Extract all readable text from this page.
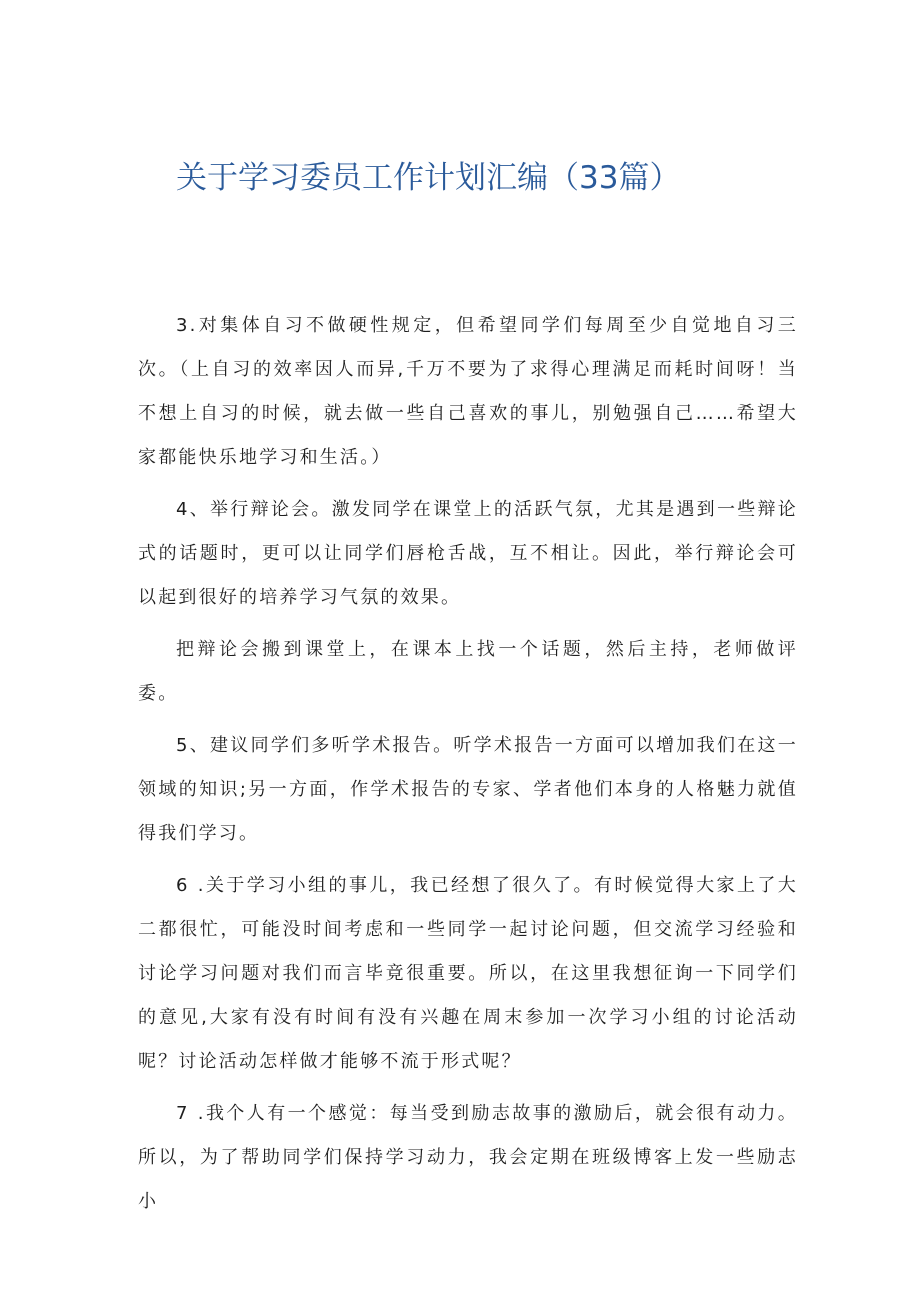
关于学习委员工作计划汇编（33篇）

3.对集体自习不做硬性规定，但希望同学们每周至少自觉地自习三次。（上自习的效率因人而异,千万不要为了求得心理满足而耗时间呀！当不想上自习的时候，就去做一些自己喜欢的事儿，别勉强自己……希望大家都能快乐地学习和生活。）

4、举行辩论会。激发同学在课堂上的活跃气氛，尤其是遇到一些辩论式的话题时，更可以让同学们唇枪舌战，互不相让。因此，举行辩论会可以起到很好的培养学习气氛的效果。

把辩论会搬到课堂上，在课本上找一个话题，然后主持，老师做评委。

5、建议同学们多听学术报告。听学术报告一方面可以增加我们在这一领域的知识;另一方面，作学术报告的专家、学者他们本身的人格魅力就值得我们学习。

6 .关于学习小组的事儿，我已经想了很久了。有时候觉得大家上了大二都很忙，可能没时间考虑和一些同学一起讨论问题，但交流学习经验和讨论学习问题对我们而言毕竟很重要。所以，在这里我想征询一下同学们的意见,大家有没有时间有没有兴趣在周末参加一次学习小组的讨论活动呢？讨论活动怎样做才能够不流于形式呢？

7 .我个人有一个感觉：每当受到励志故事的激励后，就会很有动力。所以，为了帮助同学们保持学习动力，我会定期在班级博客上发一些励志小
